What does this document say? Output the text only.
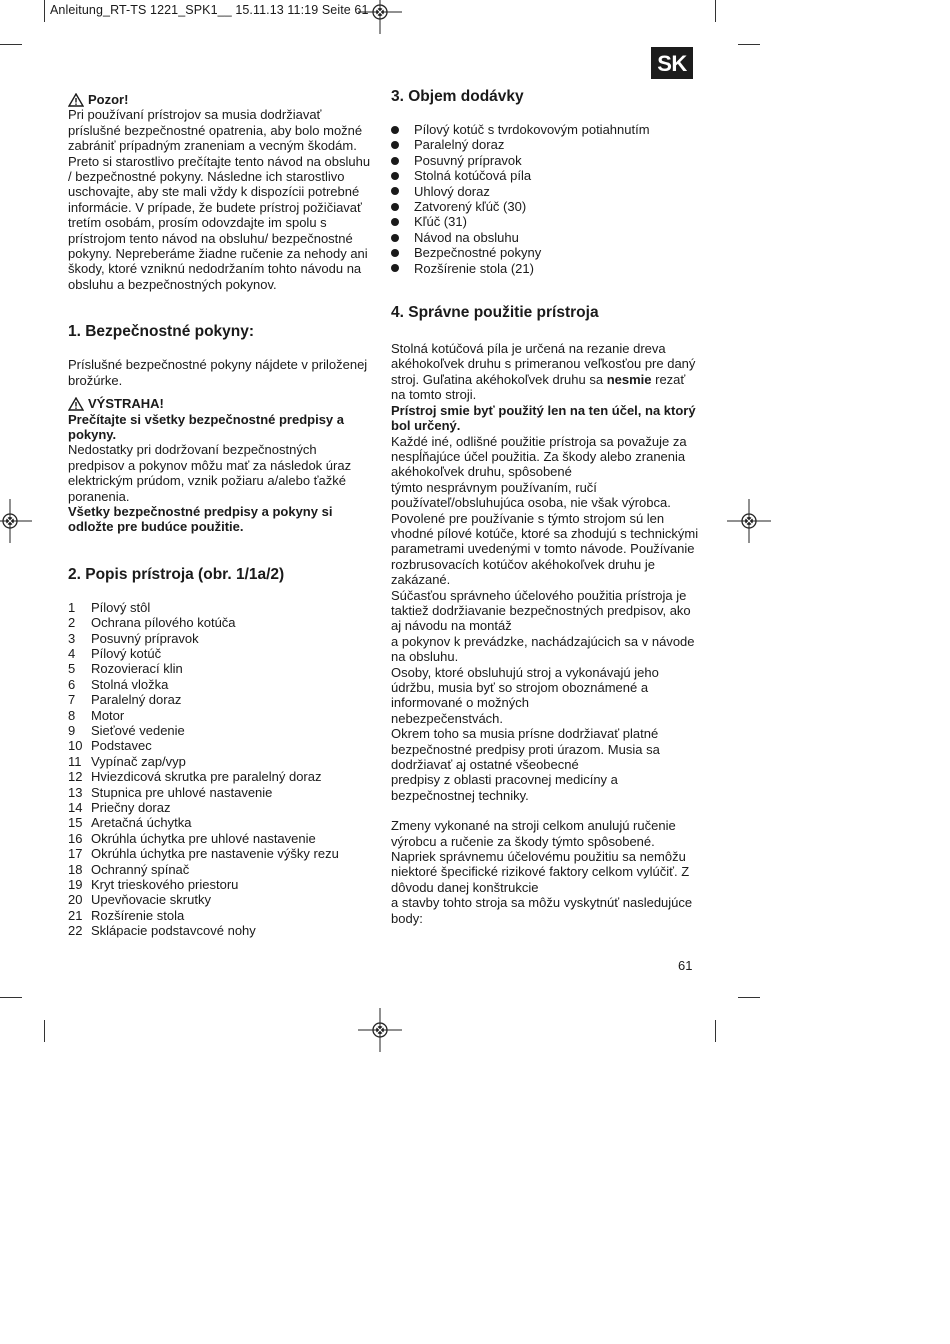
Anleitung_RT-TS 1221_SPK1__ 15.11.13 11:19 Seite 61
SK
Pozor!

Pri používaní prístrojov sa musia dodržiavať príslušné bezpečnostné opatrenia, aby bolo možné zabrániť prípadným zraneniam a vecným škodám. Preto si starostlivo prečítajte tento návod na obsluhu / bezpečnostné pokyny. Následne ich starostlivo uschovajte, aby ste mali vždy k dispozícii potrebné informácie. V prípade, že budete prístroj požičiavať tretím osobám, prosím odovzdajte im spolu s prístrojom tento návod na obsluhu/ bezpečnostné pokyny. Nepreberáme žiadne ručenie za nehody ani škody, ktoré vzniknú nedodržaním tohto návodu na obsluhu a bezpečnostných pokynov.

1. Bezpečnostné pokyny:

Príslušné bezpečnostné pokyny nájdete v priloženej brožúrke.

VÝSTRAHA!

Prečítajte si všetky bezpečnostné predpisy a pokyny.

Nedostatky pri dodržovaní bezpečnostných predpisov a pokynov môžu mať za následok úraz elektrickým prúdom, vznik požiaru a/alebo ťažké poranenia.

Všetky bezpečnostné predpisy a pokyny si odložte pre budúce použitie.

2. Popis prístroja (obr. 1/1a/2)
1	Pílový stôl
2	Ochrana pílového kotúča
3	Posuvný prípravok
4	Pílový kotúč
5	Rozovierací klin
6	Stolná vložka
7	Paralelný doraz
8	Motor
9	Sieťové vedenie
10 Podstavec
11 Vypínač zap/vyp
12 Hviezdicová skrutka pre paralelný doraz
13 Stupnica pre uhlové nastavenie
14 Priečny doraz
15 Aretačná úchytka
16 Okrúhla úchytka pre uhlové nastavenie
17 Okrúhla úchytka pre nastavenie výšky rezu
18 Ochranný spínač
19 Kryt trieskového priestoru
20 Upevňovacie skrutky
21 Rozšírenie stola
22 Sklápacie podstavcové nohy
3. Objem dodávky
Pílový kotúč s tvrdokovovým potiahnutím
Paralelný doraz
Posuvný prípravok
Stolná kotúčová píla
Uhlový doraz
Zatvorený kľúč (30)
Kľúč (31)
Návod na obsluhu
Bezpečnostné pokyny
Rozšírenie stola (21)
4. Správne použitie prístroja

Stolná kotúčová píla je určená na rezanie dreva akéhokoľvek druhu s primeranou veľkosťou pre daný stroj. Guľatina akéhokoľvek druhu sa nesmie rezať na tomto stroji.

Prístroj smie byť použitý len na ten účel, na ktorý bol určený.

Každé iné, odlišné použitie prístroja sa považuje za nespĺňajúce účel použitia. Za škody alebo zranenia akéhokoľvek druhu, spôsobené

týmto nesprávnym používaním, ručí používateľ/obsluhujúca osoba, nie však výrobca.

Povolené pre používanie s týmto strojom sú len vhodné pílové kotúče, ktoré sa zhodujú s technickými parametrami uvedenými v tomto návode. Používanie rozbrusovacích kotúčov akéhokoľvek druhu je zakázané.

Súčasťou správneho účelového použitia prístroja je taktiež dodržiavanie bezpečnostných predpisov, ako aj návodu na montáž

a pokynov k prevádzke, nachádzajúcich sa v návode na obsluhu.

Osoby, ktoré obsluhujú stroj a vykonávajú jeho údržbu, musia byť so strojom oboznámené a informované o možných

nebezpečenstvách.

Okrem toho sa musia prísne dodržiavať platné bezpečnostné predpisy proti úrazom. Musia sa dodržiavať aj ostatné všeobecné

predpisy z oblasti pracovnej medicíny a bezpečnostnej techniky.

Zmeny vykonané na stroji celkom anulujú ručenie výrobcu a ručenie za škody týmto spôsobené.

Napriek správnemu účelovému použitiu sa nemôžu niektoré špecifické rizikové faktory celkom vylúčiť. Z dôvodu danej konštrukcie

a stavby tohto stroja sa môžu vyskytnúť nasledujúce body:

61
